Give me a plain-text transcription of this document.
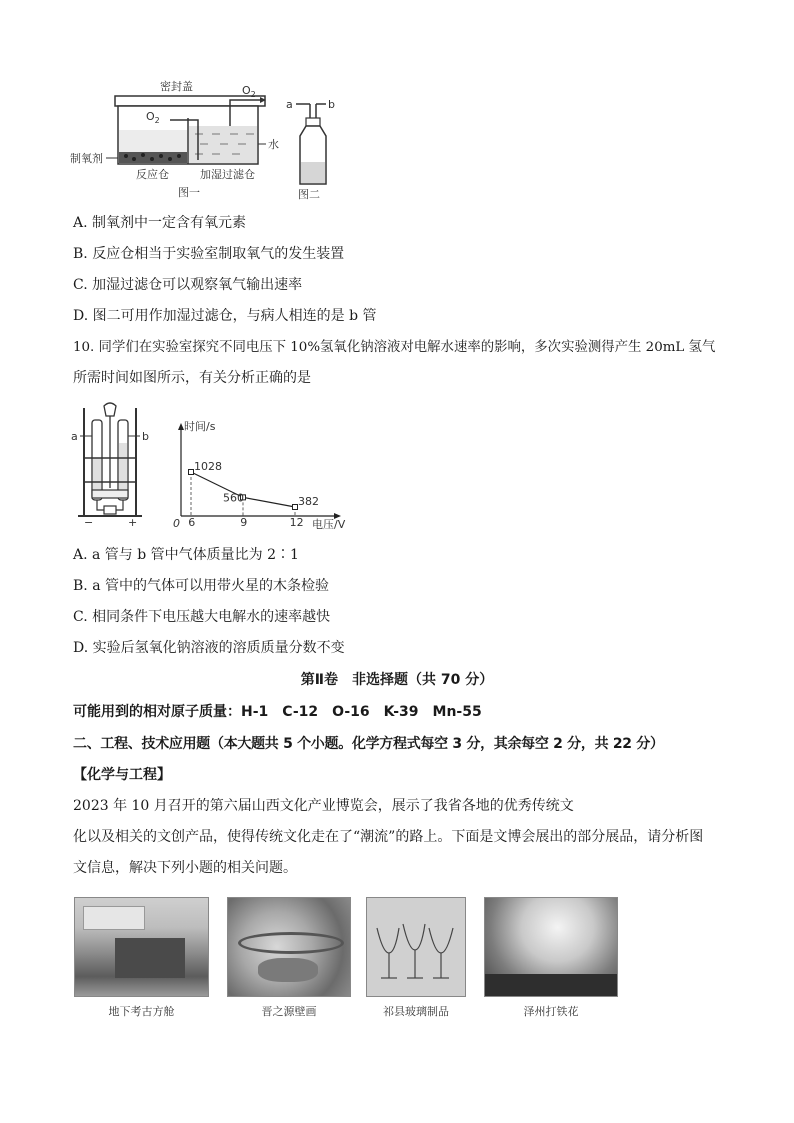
密封盖	$O_2$
$O_2$
水
制氧剂
反应仓	加湿过滤仓
图一
a	b
图二
A. 制氧剂中一定含有氧元素
B. 反应仓相当于实验室制取氧气的发生装置
C. 加湿过滤仓可以观察氧气输出速率
D. 图二可用作加湿过滤仓，与病人相连的是 b 管
10. 同学们在实验室探究不同电压下 10%氢氧化钠溶液对电解水速率的影响，多次实验测得产生 20mL 氢气
所需时间如图所示，有关分析正确的是
a	b
−	+
时间/s
电压/V
0
1028
6
560
9
382
12
A. a 管与 b 管中气体质量比为 2∶1
B. a 管中的气体可以用带火星的木条检验
C. 相同条件下电压越大电解水的速率越快
D. 实验后氢氧化钠溶液的溶质质量分数不变
第Ⅱ卷　非选择题（共 70 分）
可能用到的相对原子质量：H-1　C-12　O-16　K-39　Mn-55
二、工程、技术应用题（本大题共 5 个小题。化学方程式每空 3 分，其余每空 2 分，共 22 分）
【化学与工程】
2023 年 10 月召开的第六届山西文化产业博览会，展示了我省各地的优秀传统文
化以及相关的文创产品，使得传统文化走在了“潮流”的路上。下面是文博会展出的部分展品，请分析图
文信息，解决下列小题的相关问题。
地下考古方舱	晋之源壁画	祁县玻璃制品	泽州打铁花
